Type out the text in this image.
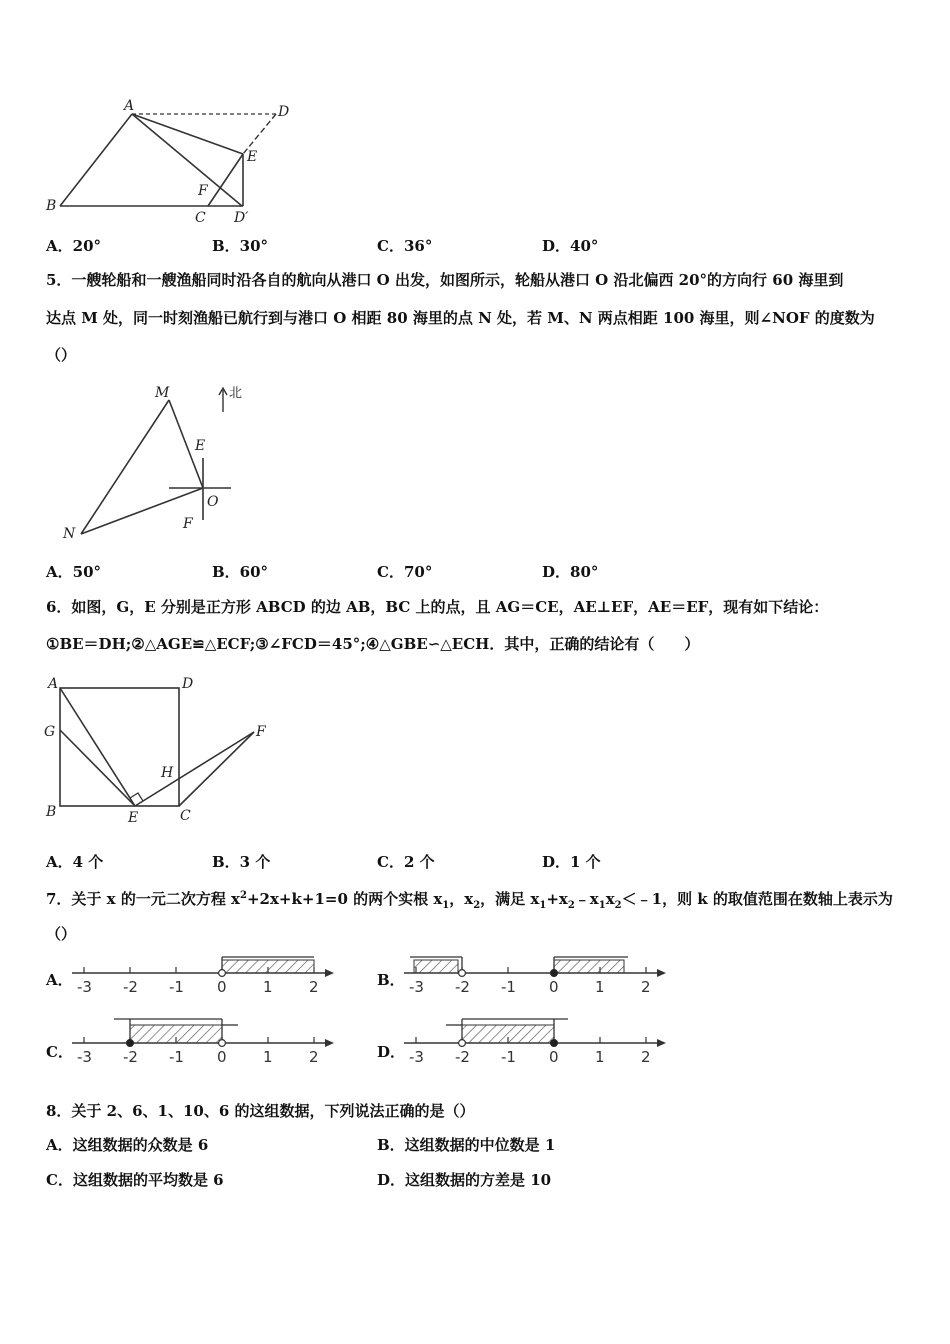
A	D
E
F
B
C D′
A．20°	B．30°	C．36°	D．40°
5．一艘轮船和一艘渔船同时沿各自的航向从港口 O 出发，如图所示，轮船从港口 O 沿北偏西 20°的方向行 60 海里到
达点 M 处，同一时刻渔船已航行到与港口 O 相距 80 海里的点 N 处，若 M、N 两点相距 100 海里，则∠NOF 的度数为
（）
M	北
E
O
F
N
A．50°	B．60°	C．70°	D．80°
6．如图，G，E 分别是正方形 ABCD 的边 AB，BC 上的点，且 AG＝CE，AE⊥EF，AE＝EF，现有如下结论：
①BE＝DH;②△AGE≌△ECF;③∠FCD＝45°;④△GBE∽△ECH．其中，正确的结论有（　　）
A	D
G	F
H
B	E	C
A．4 个	B．3 个	C．2 个	D．1 个
7．关于 x 的一元二次方程 $x^2+2x+k+1=0$ 的两个实根 $x_1$，$x_2$，满足 $x_1+x_2﹣x_1x_2<﹣1$，则 k 的取值范围在数轴上表示为
（）
A． -3 -2 -1 0 1 2	B． -3 -2 -1 0 1 2
C． -3 -2 -1 0 1 2	D． -3 -2 -1 0 1 2
8．关于 2、6、1、10、6 的这组数据，下列说法正确的是（）
A．这组数据的众数是 6	B．这组数据的中位数是 1
C．这组数据的平均数是 6	D．这组数据的方差是 10
